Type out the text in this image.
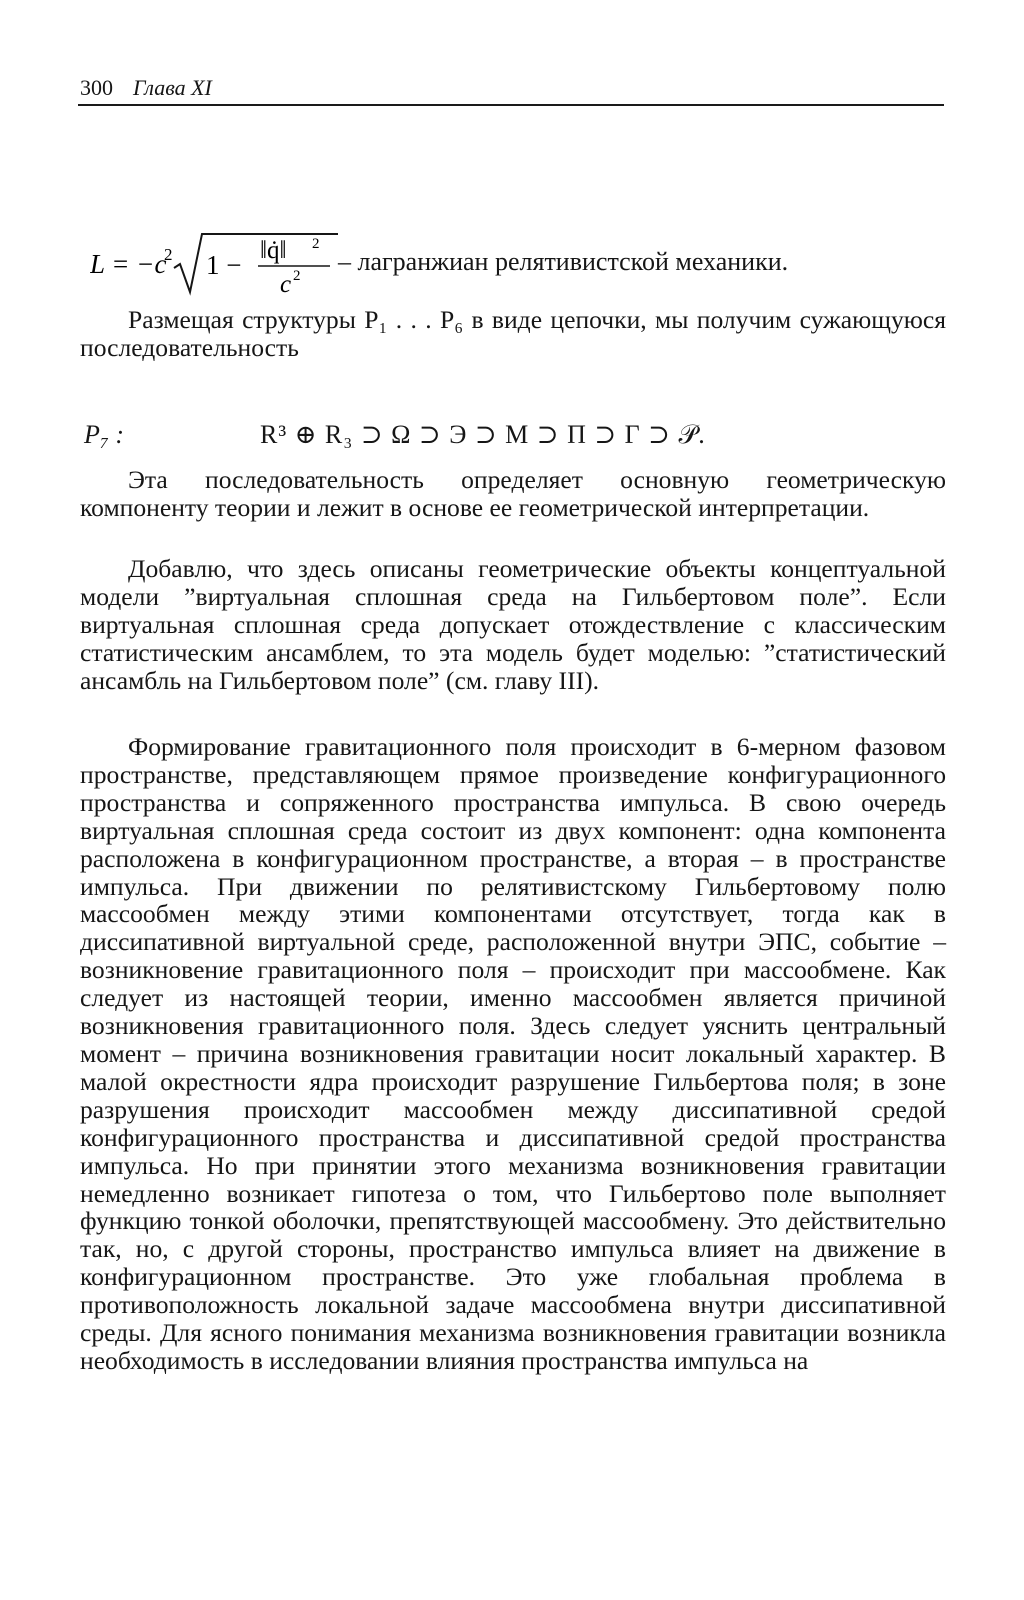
300 Глава XI
L = −c
2 1 − ‖q̇‖ 2
c 2 – лагранжиан релятивистской механики.

Размещая структуры P₁ . . . P₆ в виде цепочки, мы получим сужающуюся последовательность

P₇ :	R³ ⊕ R₃ ⊃ Ω ⊃ Э ⊃ M ⊃ Π ⊃ Γ ⊃ 𝒫.

Эта последовательность определяет основную геометрическую компоненту теории и лежит в основе ее геометрической интерпретации.

Добавлю, что здесь описаны геометрические объекты концептуальной модели ”виртуальная сплошная среда на Гильбертовом поле”. Если виртуальная сплошная среда допускает отождествление с классическим статистическим ансамблем, то эта модель будет моделью: ”статистический ансамбль на Гильбертовом поле” (см. главу III).

Формирование гравитационного поля происходит в 6-мерном фазовом пространстве, представляющем прямое произведение конфигурационного пространства и сопряженного пространства импульса. В свою очередь виртуальная сплошная среда состоит из двух компонент: одна компонента расположена в конфигурационном пространстве, а вторая – в пространстве импульса. При движении по релятивистскому Гильбертовому полю массообмен между этими компонентами отсутствует, тогда как в диссипативной виртуальной среде, расположенной внутри ЭПС, событие – возникновение гравитационного поля – происходит при массообмене. Как следует из настоящей теории, именно массообмен является причиной возникновения гравитационного поля. Здесь следует уяснить центральный момент – причина возникновения гравитации носит локальный характер. В малой окрестности ядра происходит разрушение Гильбертова поля; в зоне разрушения происходит массообмен между диссипативной средой конфигурационного пространства и диссипативной средой пространства импульса. Но при принятии этого механизма возникновения гравитации немедленно возникает гипотеза о том, что Гильбертово поле выполняет функцию тонкой оболочки, препятствующей массообмену. Это действительно так, но, с другой стороны, пространство импульса влияет на движение в конфигурационном пространстве. Это уже глобальная проблема в противоположность локальной задаче массообмена внутри диссипативной среды. Для ясного понимания механизма возникновения гравитации возникла необходимость в исследовании влияния пространства импульса на
